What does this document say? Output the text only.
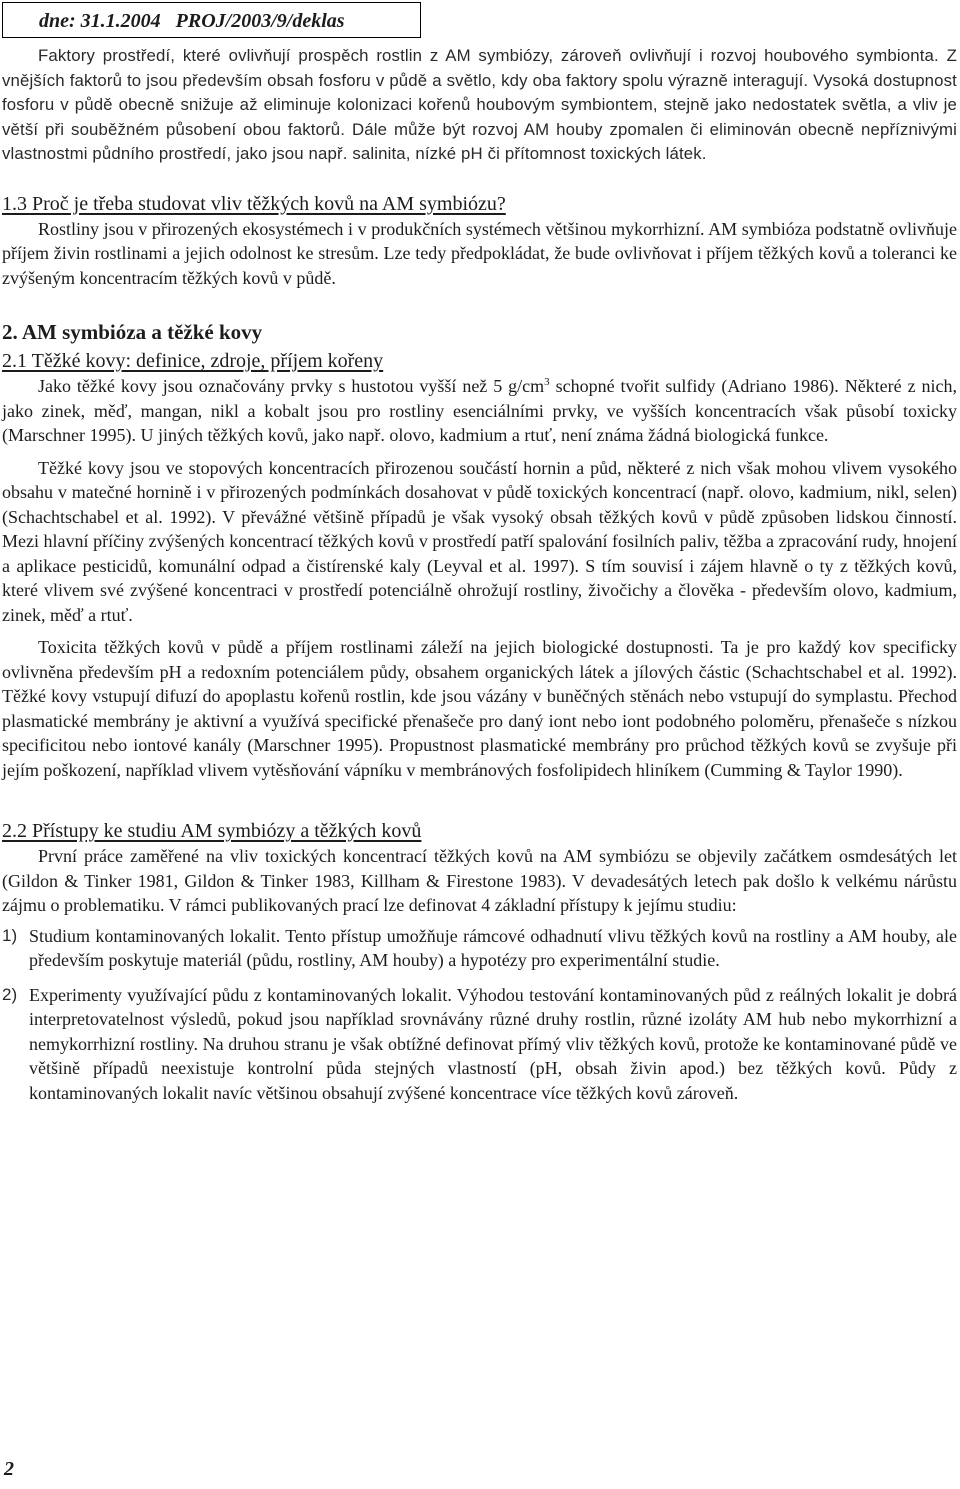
dne: 31.1.2004 PROJ/2003/9/deklas

Faktory prostředí, které ovlivňují prospěch rostlin z AM symbiózy, zároveň ovlivňují i rozvoj houbového symbionta. Z vnějších faktorů to jsou především obsah fosforu v půdě a světlo, kdy oba faktory spolu výrazně interagují. Vysoká dostupnost fosforu v půdě obecně snižuje až eliminuje kolonizaci kořenů houbovým symbiontem, stejně jako nedostatek světla, a vliv je větší při souběžném působení obou faktorů. Dále může být rozvoj AM houby zpomalen či eliminován obecně nepříznivými vlastnostmi půdního prostředí, jako jsou např. salinita, nízké pH či přítomnost toxických látek.

1.3 Proč je třeba studovat vliv těžkých kovů na AM symbiózu?

Rostliny jsou v přirozených ekosystémech i v produkčních systémech většinou mykorrhizní. AM symbióza podstatně ovlivňuje příjem živin rostlinami a jejich odolnost ke stresům. Lze tedy předpokládat, že bude ovlivňovat i příjem těžkých kovů a toleranci ke zvýšeným koncentracím těžkých kovů v půdě.

2. AM symbióza a těžké kovy
2.1 Těžké kovy: definice, zdroje, příjem kořeny

Jako těžké kovy jsou označovány prvky s hustotou vyšší než 5 $g/cm^3$ schopné tvořit sulfidy (Adriano 1986). Některé z nich, jako zinek, měď, mangan, nikl a kobalt jsou pro rostliny esenciálními prvky, ve vyšších koncentracích však působí toxicky (Marschner 1995). U jiných těžkých kovů, jako např. olovo, kadmium a rtuť, není známa žádná biologická funkce.

Těžké kovy jsou ve stopových koncentracích přirozenou součástí hornin a půd, některé z nich však mohou vlivem vysokého obsahu v matečné hornině i v přirozených podmínkách dosahovat v půdě toxických koncentrací (např. olovo, kadmium, nikl, selen) (Schachtschabel et al. 1992). V převážné většině případů je však vysoký obsah těžkých kovů v půdě způsoben lidskou činností. Mezi hlavní příčiny zvýšených koncentrací těžkých kovů v prostředí patří spalování fosilních paliv, těžba a zpracování rudy, hnojení a aplikace pesticidů, komunální odpad a čistírenské kaly (Leyval et al. 1997). S tím souvisí i zájem hlavně o ty z těžkých kovů, které vlivem své zvýšené koncentraci v prostředí potenciálně ohrožují rostliny, živočichy a člověka - především olovo, kadmium, zinek, měď a rtuť.

Toxicita těžkých kovů v půdě a příjem rostlinami záleží na jejich biologické dostupnosti. Ta je pro každý kov specificky ovlivněna především pH a redoxním potenciálem půdy, obsahem organických látek a jílových částic (Schachtschabel et al. 1992). Těžké kovy vstupují difuzí do apoplastu kořenů rostlin, kde jsou vázány v buněčných stěnách nebo vstupují do symplastu. Přechod plasmatické membrány je aktivní a využívá specifické přenašeče pro daný iont nebo iont podobného poloměru, přenašeče s nízkou specificitou nebo iontové kanály (Marschner 1995). Propustnost plasmatické membrány pro průchod těžkých kovů se zvyšuje při jejím poškození, například vlivem vytěsňování vápníku v membránových fosfolipidech hliníkem (Cumming & Taylor 1990).

2.2 Přístupy ke studiu AM symbiózy a těžkých kovů

První práce zaměřené na vliv toxických koncentrací těžkých kovů na AM symbiózu se objevily začátkem osmdesátých let (Gildon & Tinker 1981, Gildon & Tinker 1983, Killham & Firestone 1983). V devadesátých letech pak došlo k velkému nárůstu zájmu o problematiku. V rámci publikovaných prací lze definovat 4 základní přístupy k jejímu studiu:

1) Studium kontaminovaných lokalit. Tento přístup umožňuje rámcové odhadnutí vlivu těžkých kovů na rostliny a AM houby, ale především poskytuje materiál (půdu, rostliny, AM houby) a hypotézy pro experimentální studie.

2) Experimenty využívající půdu z kontaminovaných lokalit. Výhodou testování kontaminovaných půd z reálných lokalit je dobrá interpretovatelnost výsledů, pokud jsou například srovnávány různé druhy rostlin, různé izoláty AM hub nebo mykorrhizní a nemykorrhizní rostliny. Na druhou stranu je však obtížné definovat přímý vliv těžkých kovů, protože ke kontaminované půdě ve většině případů neexistuje kontrolní půda stejných vlastností (pH, obsah živin apod.) bez těžkých kovů. Půdy z kontaminovaných lokalit navíc většinou obsahují zvýšené koncentrace více těžkých kovů zároveň.

2
